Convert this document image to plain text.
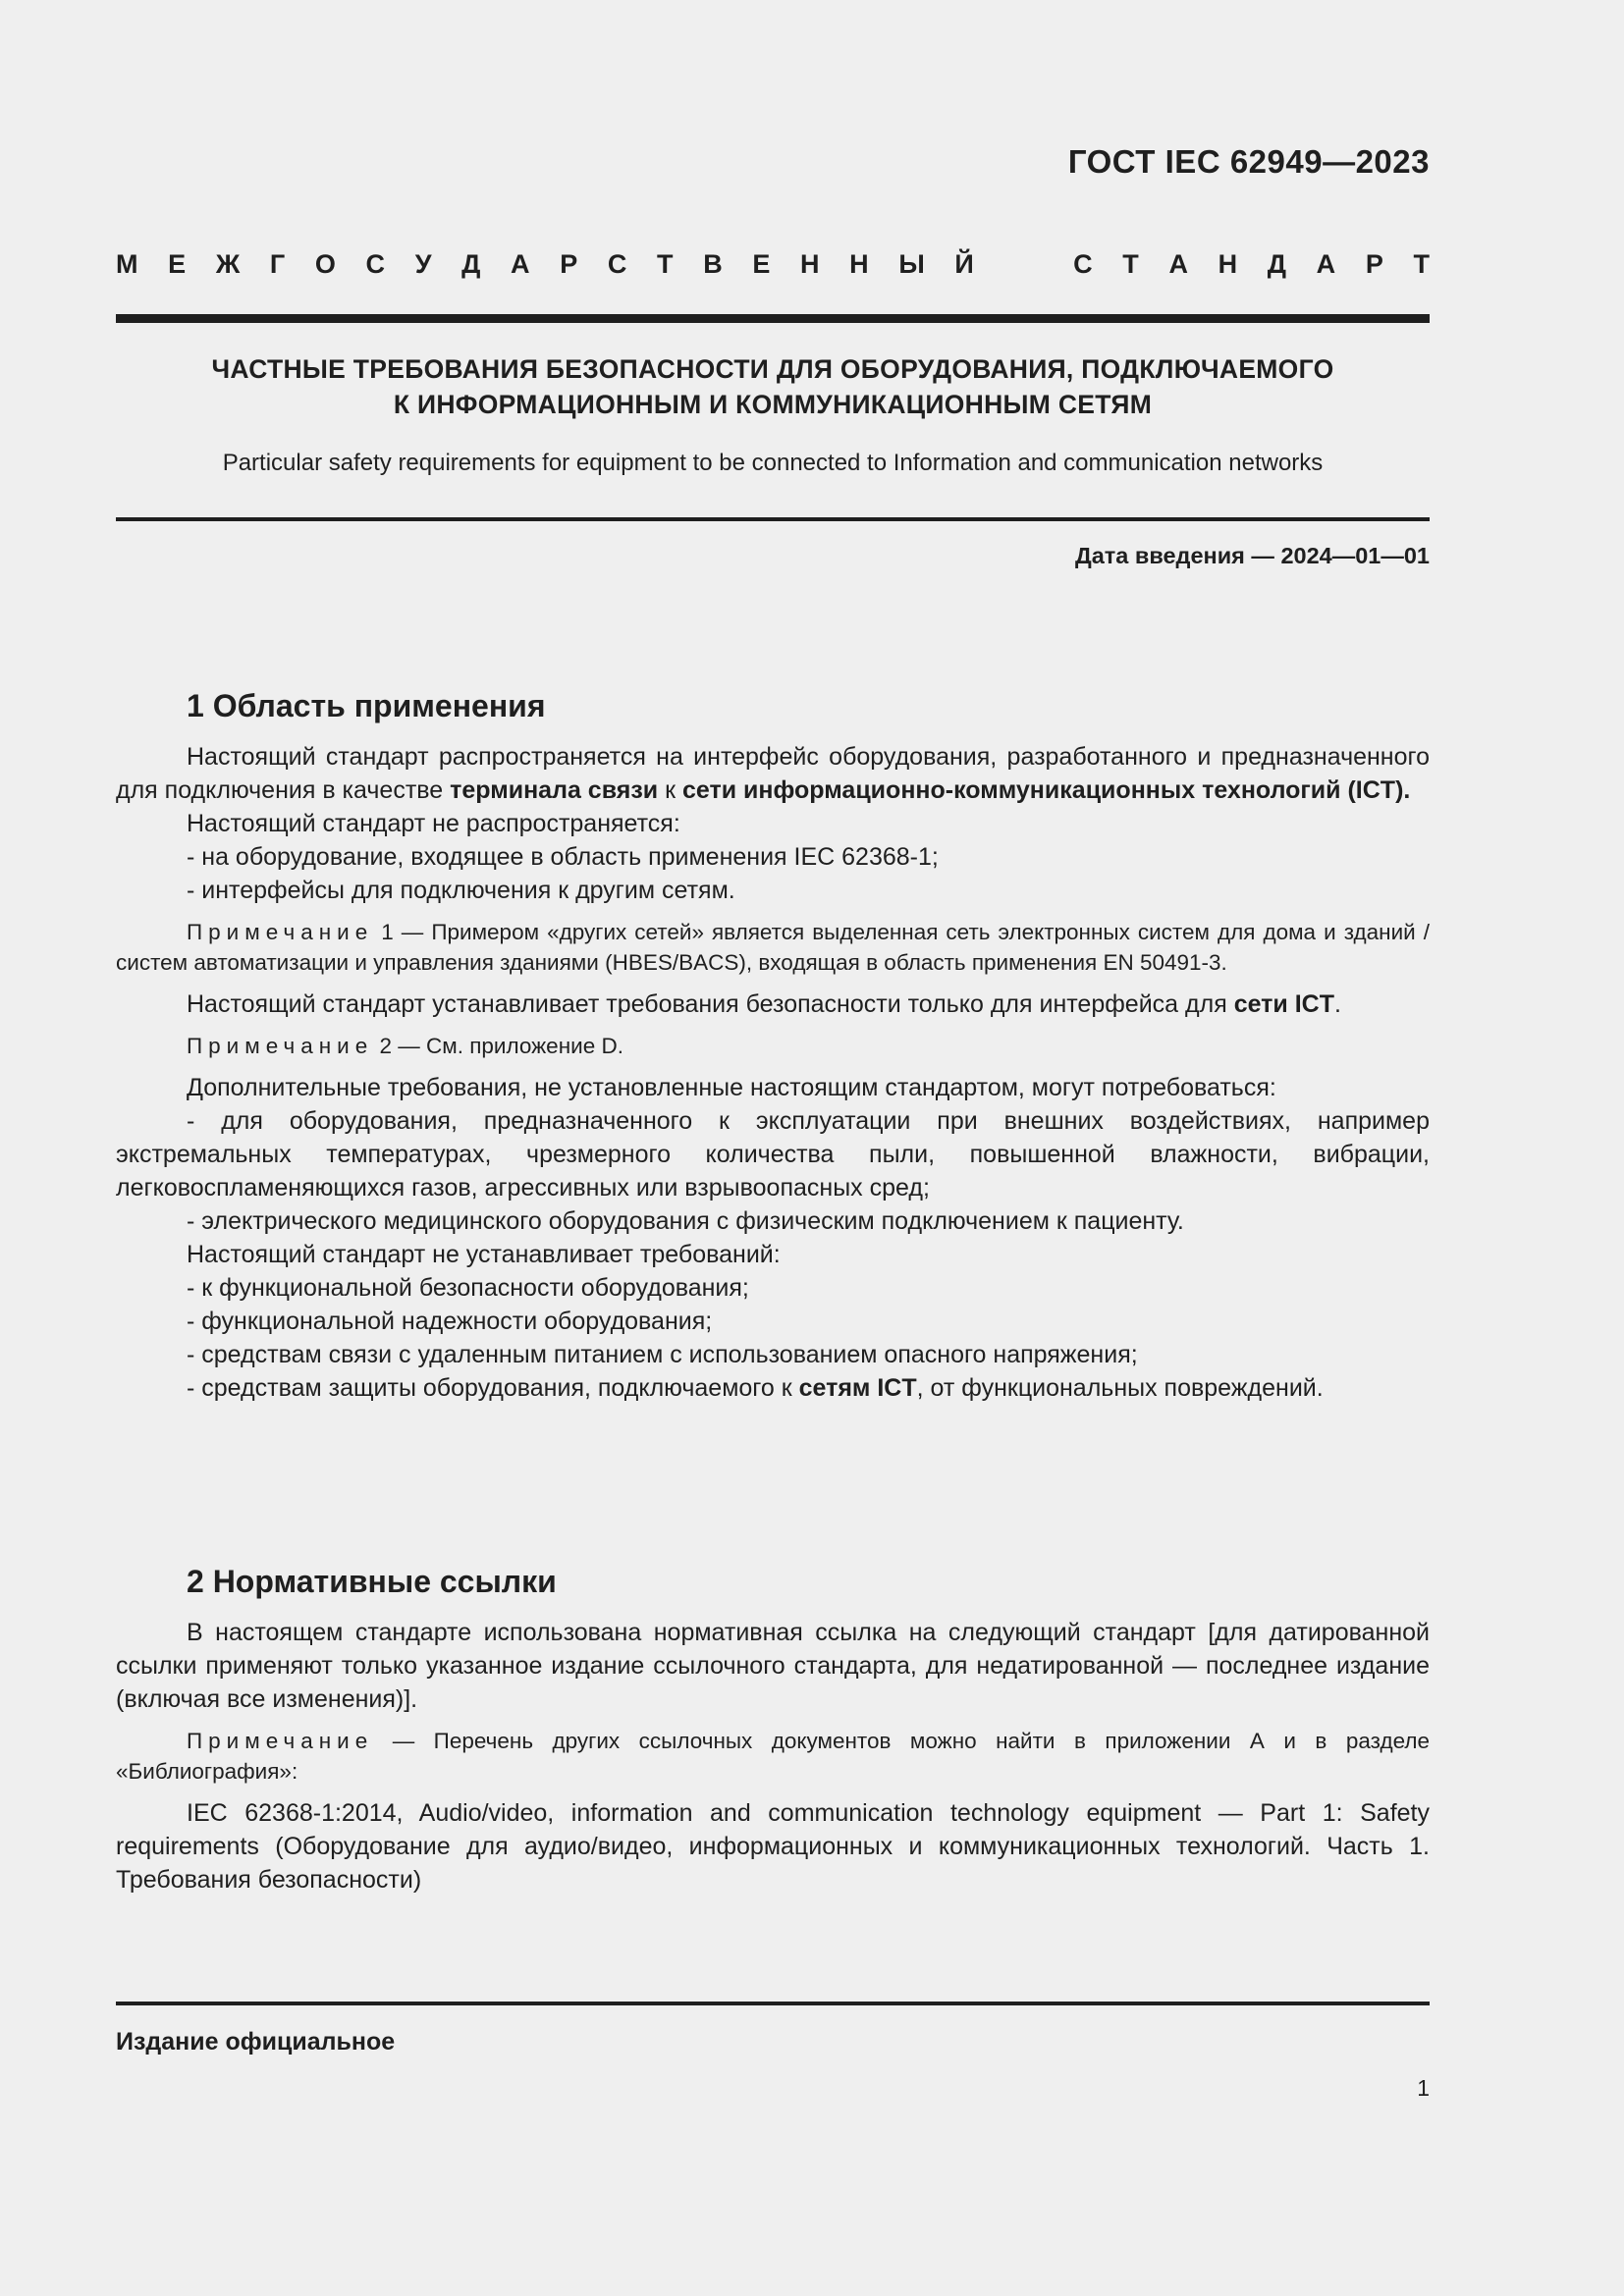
ГОСТ IEC 62949—2023
М Е Ж Г О С У Д А Р С Т В Е Н Н Ы Й	С Т А Н Д А Р Т
ЧАСТНЫЕ ТРЕБОВАНИЯ БЕЗОПАСНОСТИ ДЛЯ ОБОРУДОВАНИЯ, ПОДКЛЮЧАЕМОГО
К ИНФОРМАЦИОННЫМ И КОММУНИКАЦИОННЫМ СЕТЯМ
Particular safety requirements for equipment to be connected to Information and communication networks
Дата введения — 2024—01—01

1 Область применения

Настоящий стандарт распространяется на интерфейс оборудования, разработанного и предназначенного для подключения в качестве терминала связи к сети информационно-коммуникационных технологий (ICT).

Настоящий стандарт не распространяется:

- на оборудование, входящее в область применения IEC 62368-1;

- интерфейсы для подключения к другим сетям.

Примечание 1 — Примером «других сетей» является выделенная сеть электронных систем для дома и зданий /систем автоматизации и управления зданиями (HBES/BACS), входящая в область применения EN 50491-3.

Настоящий стандарт устанавливает требования безопасности только для интерфейса для сети ICT.

Примечание 2 — См. приложение D.

Дополнительные требования, не установленные настоящим стандартом, могут потребоваться:

- для оборудования, предназначенного к эксплуатации при внешних воздействиях, например экстремальных температурах, чрезмерного количества пыли, повышенной влажности, вибрации, легковоспламеняющихся газов, агрессивных или взрывоопасных сред;

- электрического медицинского оборудования с физическим подключением к пациенту.

Настоящий стандарт не устанавливает требований:

- к функциональной безопасности оборудования;

- функциональной надежности оборудования;

- средствам связи с удаленным питанием с использованием опасного напряжения;

- средствам защиты оборудования, подключаемого к сетям ICT, от функциональных повреждений.

2 Нормативные ссылки

В настоящем стандарте использована нормативная ссылка на следующий стандарт [для датированной ссылки применяют только указанное издание ссылочного стандарта, для недатированной — последнее издание (включая все изменения)].

Примечание — Перечень других ссылочных документов можно найти в приложении А и в разделе «Библиография»:

IEC 62368-1:2014, Audio/video, information and communication technology equipment — Part 1: Safety requirements (Оборудование для аудио/видео, информационных и коммуникационных технологий. Часть 1. Требования безопасности)

Издание официальное
1
